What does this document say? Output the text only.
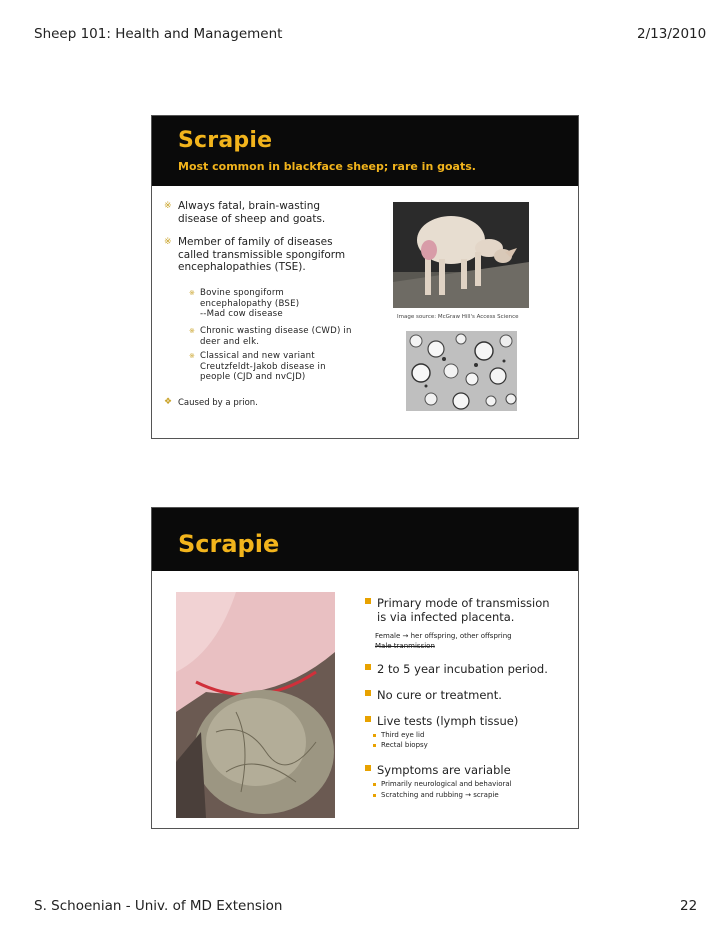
Sheep 101: Health and Management	2/13/2010
Scrapie
Most common in blackface sheep; rare in goats.
※ Always fatal, brain-wasting
disease of sheep and goats.
※ Member of family of diseases
called transmissible spongiform
encephalopathies (TSE).
※ Bovine spongiform
encephalopathy (BSE)
--Mad cow disease
※ Chronic wasting disease (CWD) in
deer and elk.
※ Classical and new variant
Creutzfeldt-Jakob disease in
people (CJD and nvCJD)
❖ Caused by a prion.
Image source: McGraw Hill's Access Science
Scrapie
Primary mode of transmission
is via infected placenta.
Female → her offspring, other offspring
Male tranmission
2 to 5 year incubation period.
No cure or treatment.
Live tests (lymph tissue)
Third eye lid
Rectal biopsy
Symptoms are variable
Primarily neurological and behavioral
Scratching and rubbing → scrapie
S. Schoenian - Univ. of MD Extension	22
